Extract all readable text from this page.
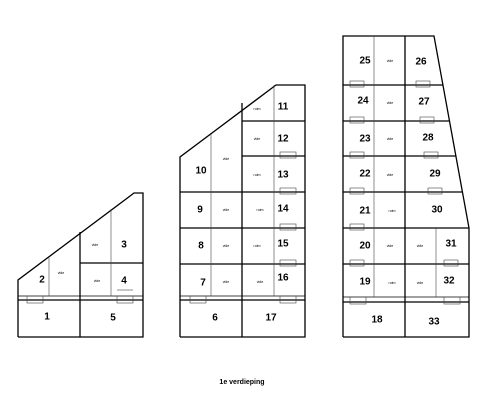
1
2
3
4
5	6
7
8
9
10
11
12
13
14
15
16
17	18
19
20
21
22
23
24
25	26
27
28
29
30
31
32
33
vide
vide
vide
vide
vide
vide
vide
ruim
vide
ruim
ruim
ruim
vide
vide
vide
vide
vide
ruim
vide
ruim
vide
vide
1e verdieping
